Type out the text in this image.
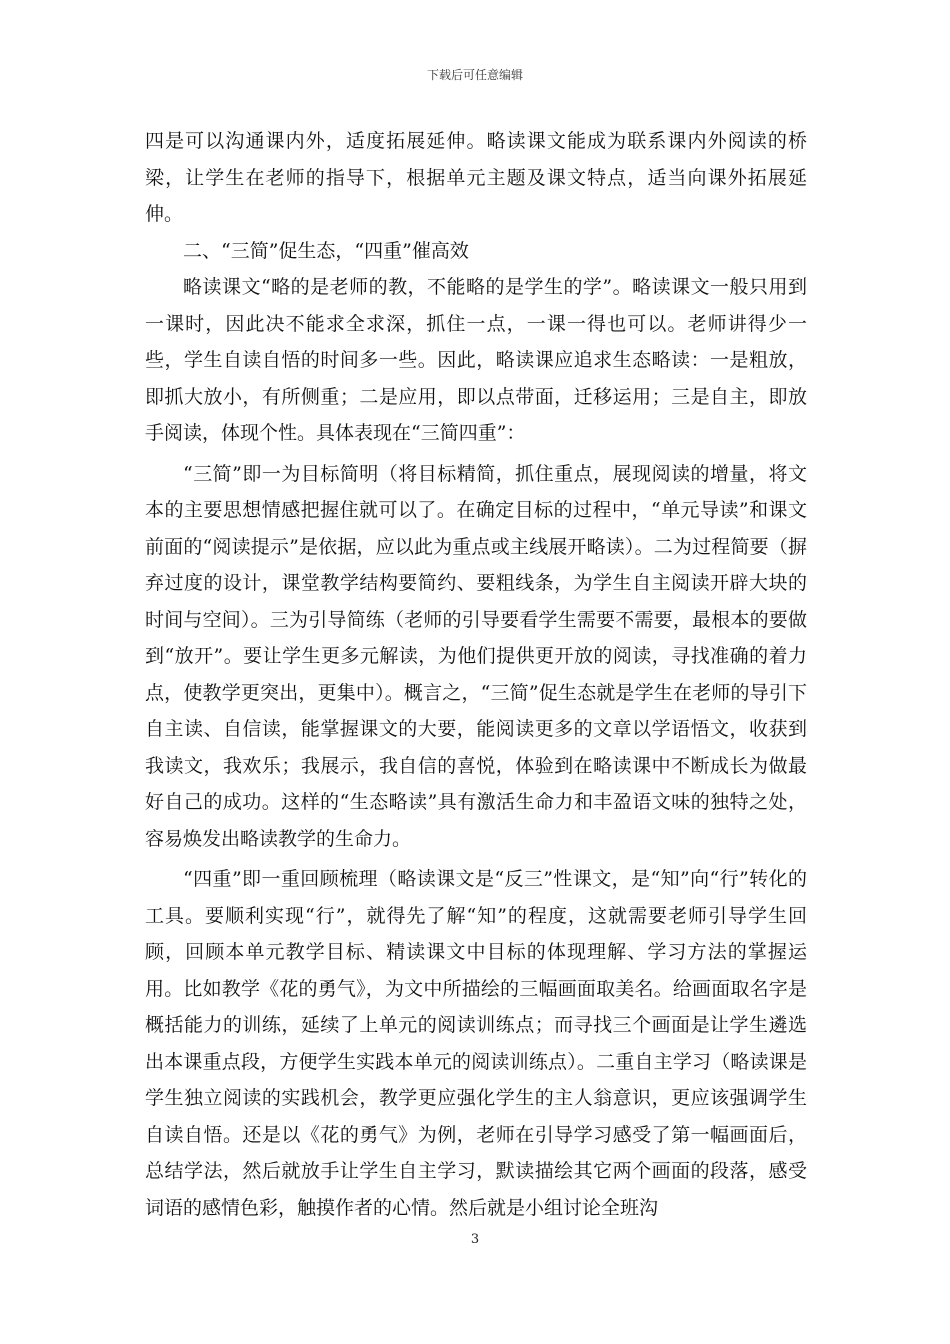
下载后可任意编辑

四是可以沟通课内外，适度拓展延伸。略读课文能成为联系课内外阅读的桥梁，让学生在老师的指导下，根据单元主题及课文特点，适当向课外拓展延伸。

二、“三简”促生态，“四重”催高效

略读课文“略的是老师的教，不能略的是学生的学”。略读课文一般只用到一课时，因此决不能求全求深，抓住一点，一课一得也可以。老师讲得少一些，学生自读自悟的时间多一些。因此，略读课应追求生态略读：一是粗放，即抓大放小，有所侧重；二是应用，即以点带面，迁移运用；三是自主，即放手阅读，体现个性。具体表现在“三简四重”：

“三简”即一为目标简明（将目标精简，抓住重点，展现阅读的增量，将文本的主要思想情感把握住就可以了。在确定目标的过程中，“单元导读”和课文前面的“阅读提示”是依据，应以此为重点或主线展开略读）。二为过程简要（摒弃过度的设计，课堂教学结构要简约、要粗线条，为学生自主阅读开辟大块的时间与空间）。三为引导简练（老师的引导要看学生需要不需要，最根本的要做到“放开”。要让学生更多元解读，为他们提供更开放的阅读，寻找准确的着力点，使教学更突出，更集中）。概言之，“三简”促生态就是学生在老师的导引下自主读、自信读，能掌握课文的大要，能阅读更多的文章以学语悟文，收获到我读文，我欢乐；我展示，我自信的喜悦，体验到在略读课中不断成长为做最好自己的成功。这样的“生态略读”具有激活生命力和丰盈语文味的独特之处，容易焕发出略读教学的生命力。

“四重”即一重回顾梳理（略读课文是“反三”性课文，是“知”向“行”转化的工具。要顺利实现“行”，就得先了解“知”的程度，这就需要老师引导学生回顾，回顾本单元教学目标、精读课文中目标的体现理解、学习方法的掌握运用。比如教学《花的勇气》，为文中所描绘的三幅画面取美名。给画面取名字是概括能力的训练，延续了上单元的阅读训练点；而寻找三个画面是让学生遴选出本课重点段，方便学生实践本单元的阅读训练点）。二重自主学习（略读课是学生独立阅读的实践机会，教学更应强化学生的主人翁意识，更应该强调学生自读自悟。还是以《花的勇气》为例，老师在引导学习感受了第一幅画面后，总结学法，然后就放手让学生自主学习，默读描绘其它两个画面的段落，感受词语的感情色彩，触摸作者的心情。然后就是小组讨论全班沟

3
